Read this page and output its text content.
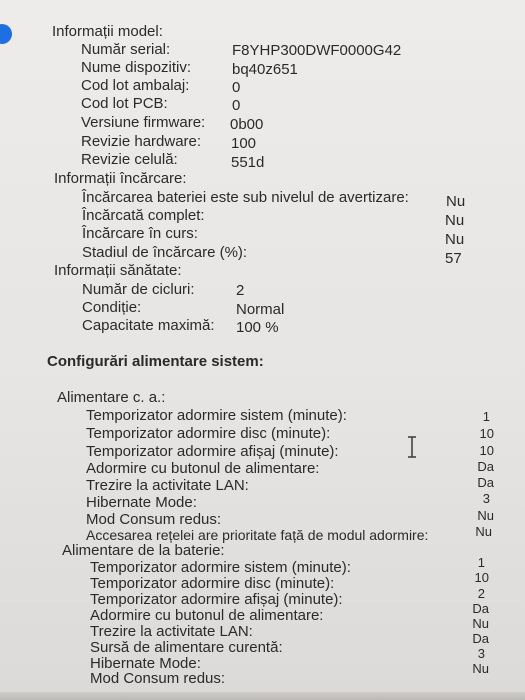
Informații model:
Număr serial:	F8YHP300DWF0000G42
Nume dispozitiv:	bq40z651
Cod lot ambalaj:	0
Cod lot PCB:	0
Versiune firmware: 0b00
Revizie hardware: 100
Revizie celulă:	551d
Informații încărcare:
Încărcarea bateriei este sub nivelul de avertizare: Nu
Încărcată complet:	Nu
Încărcare în curs:	Nu
Stadiul de încărcare (%):	57
Informații sănătate:
Număr de cicluri:	2
Condiție:	Normal
Capacitate maximă: 100 %
Configurări alimentare sistem:
Alimentare c. a.:
Temporizator adormire sistem (minute):	1
Temporizator adormire disc (minute):	10
Temporizator adormire afișaj (minute):	10
Adormire cu butonul de alimentare:	Da
Trezire la activitate LAN:	Da
Hibernate Mode:	3
Mod Consum redus:	Nu
Accesarea rețelei are prioritate față de modul adormire:	Nu
Alimentare de la baterie:
Temporizator adormire sistem (minute):	1
Temporizator adormire disc (minute):	10
Temporizator adormire afișaj (minute):	2
Adormire cu butonul de alimentare:	Da
Trezire la activitate LAN:	Nu
Sursă de alimentare curentă:
Da
Hibernate Mode:
3
Mod Consum redus:
Nu
